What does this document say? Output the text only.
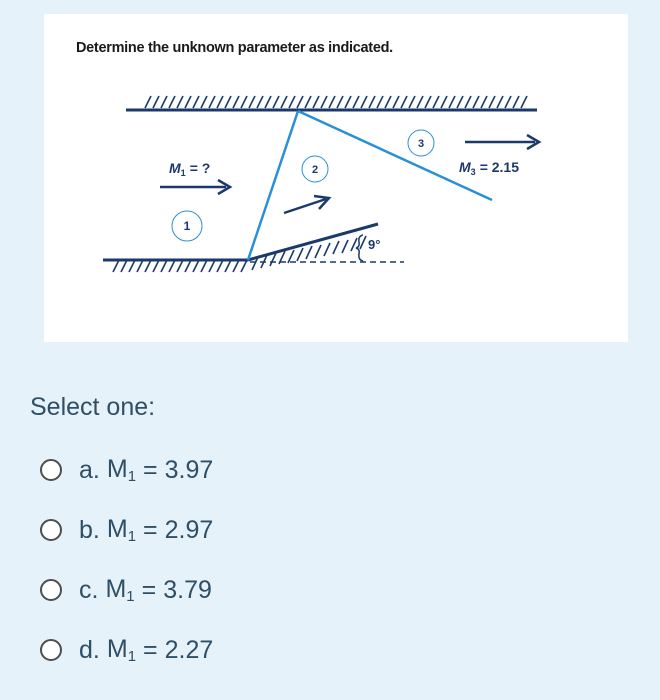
Determine the unknown parameter as indicated.

9°
1
2
3
$M_1$ = ?	$M_3 = 2.15$

Select one:

a. $M_1 = 3.97$
b. $M_1 = 2.97$
c. $M_1 = 3.79$
d. $M_1 = 2.27$
